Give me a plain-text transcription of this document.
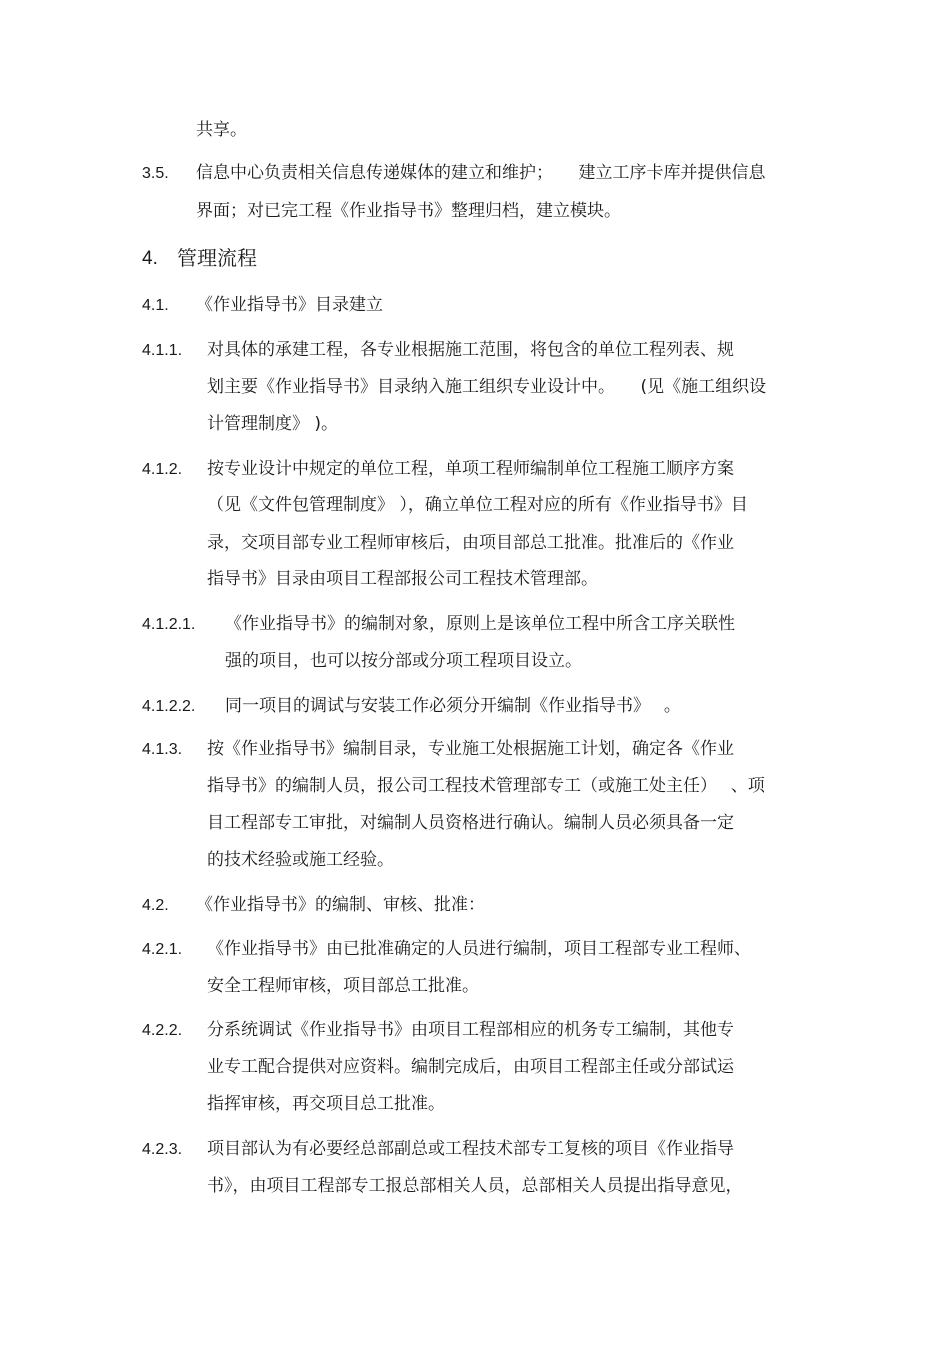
共享。
3.5. 信息中心负责相关信息传递媒体的建立和维护；　　建立工序卡库并提供信息
界面；对已完工程《作业指导书》整理归档，建立模块。
4. 管理流程
4.1. 《作业指导书》目录建立
4.1.1. 对具体的承建工程，各专业根据施工范围，将包含的单位工程列表、规
划主要《作业指导书》目录纳入施工组织专业设计中。　　(见《施工组织设
计管理制度》 )。
4.1.2. 按专业设计中规定的单位工程，单项工程师编制单位工程施工顺序方案
（见《文件包管理制度》 ），确立单位工程对应的所有《作业指导书》目
录，交项目部专业工程师审核后，由项目部总工批准。批准后的《作业
指导书》目录由项目工程部报公司工程技术管理部。
4.1.2.1. 《作业指导书》的编制对象，原则上是该单位工程中所含工序关联性
强的项目，也可以按分部或分项工程项目设立。
4.1.2.2. 同一项目的调试与安装工作必须分开编制《作业指导书》　 。
4.1.3. 按《作业指导书》编制目录，专业施工处根据施工计划，确定各《作业
指导书》的编制人员，报公司工程技术管理部专工（或施工处主任）　 、项
目工程部专工审批，对编制人员资格进行确认。编制人员必须具备一定
的技术经验或施工经验。
4.2. 《作业指导书》的编制、审核、批准：
4.2.1. 《作业指导书》由已批准确定的人员进行编制，项目工程部专业工程师、
安全工程师审核，项目部总工批准。
4.2.2. 分系统调试《作业指导书》由项目工程部相应的机务专工编制，其他专
业专工配合提供对应资料。编制完成后，由项目工程部主任或分部试运
指挥审核，再交项目总工批准。
4.2.3. 项目部认为有必要经总部副总或工程技术部专工复核的项目《作业指导
书》，由项目工程部专工报总部相关人员，总部相关人员提出指导意见，
